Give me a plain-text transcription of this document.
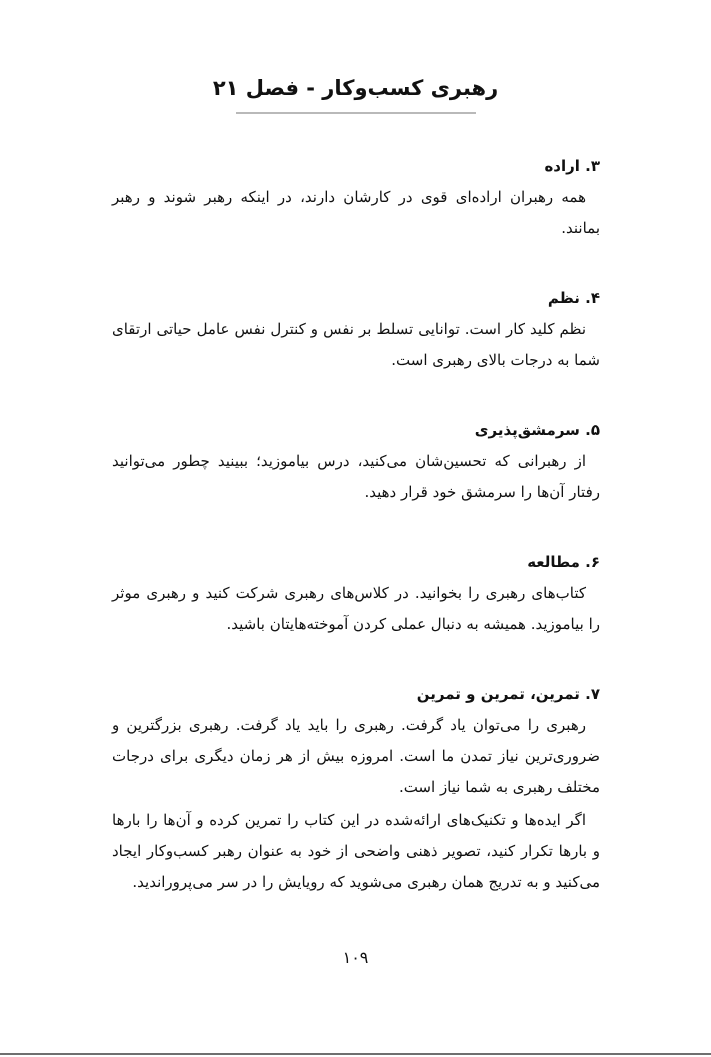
رهبری کسب‌وکار - فصل ۲۱
۳. اراده

همه رهبران اراده‌ای قوی در کارشان دارند، در اینکه رهبر شوند و رهبر بمانند.

۴. نظم

نظم کلید کار است. توانایی تسلط بر نفس و کنترل نفس عامل حیاتی ارتقای شما به درجات بالای رهبری است.

۵. سرمشق‌پذیری

از رهبرانی که تحسین‌شان می‌کنید، درس بیاموزید؛ ببینید چطور می‌توانید رفتار آن‌ها را سرمشق خود قرار دهید.

۶. مطالعه

کتاب‌های رهبری را بخوانید. در کلاس‌های رهبری شرکت کنید و رهبری موثر را بیاموزید. همیشه به دنبال عملی کردن آموخته‌هایتان باشید.

۷. تمرین، تمرین و تمرین

رهبری را می‌توان یاد گرفت. رهبری را باید یاد گرفت. رهبری بزرگترین و ضروری‌ترین نیاز تمدن ما است. امروزه بیش از هر زمان دیگری برای درجات مختلف رهبری به شما نیاز است.

اگر ایده‌ها و تکنیک‌های ارائه‌شده در این کتاب را تمرین کرده و آن‌ها را بارها و بارها تکرار کنید، تصویر ذهنی واضحی از خود به عنوان رهبر کسب‌وکار ایجاد می‌کنید و به تدریج همان رهبری می‌شوید که رویایش را در سر می‌پروراندید.

۱۰۹
